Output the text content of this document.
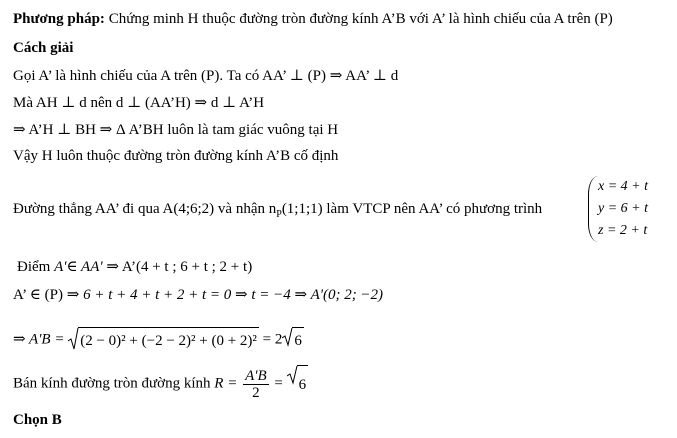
Phương pháp: Chứng minh H thuộc đường tròn đường kính A’B với A’ là hình chiếu của A trên (P)
Cách giải
Gọi A’ là hình chiếu của A trên (P). Ta có AA’ ⊥ (P) ⇒ AA’ ⊥ d
Mà AH ⊥ d nên d ⊥ (AA’H) ⇒ d ⊥ A’H
⇒ A’H ⊥ BH ⇒ Δ A’BH luôn là tam giác vuông tại H
Vậy H luôn thuộc đường tròn đường kính A’B cố định
Đường thẳng AA’ đi qua A(4;6;2) và nhận $n_P(1;1;1)$ làm VTCP nên AA’ có phương trình
x = 4 + t
y = 6 + t
z = 2 + t
Điểm A'∈ AA' ⇒ A’(4 + t ; 6 + t ; 2 + t)
A’ ∈ (P) ⇒ 6 + t + 4 + t + 2 + t = 0 ⇒ t = −4 ⇒ A'(0; 2; −2)
⇒ A'B =
(2 − 0)² + (−2 − 2)² + (0 + 2)² = 2 6
Bán kính đường tròn đường kính $R = \frac{A'B}{2}$ =
6
Chọn B
